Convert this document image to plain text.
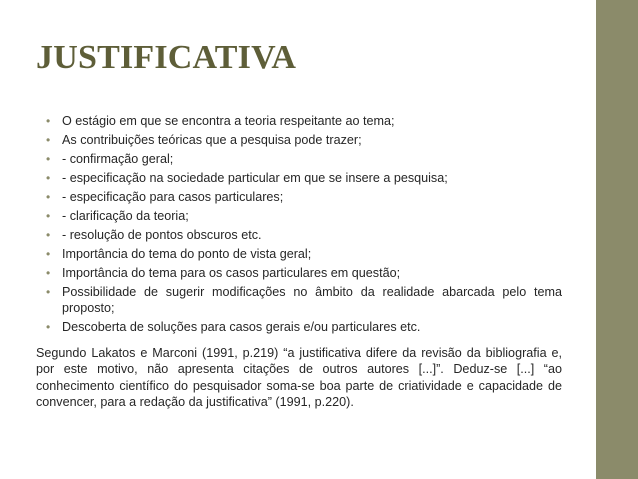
JUSTIFICATIVA
• O estágio em que se encontra a teoria respeitante ao tema;
• As contribuições teóricas que a pesquisa pode trazer;
• - confirmação geral;
• - especificação na sociedade particular em que se insere a pesquisa;
• - especificação para casos particulares;
• - clarificação da teoria;
• - resolução de pontos obscuros etc.
• Importância do tema do ponto de vista geral;
• Importância do tema para os casos particulares em questão;
• Possibilidade de sugerir modificações no âmbito da realidade abarcada pelo tema proposto;
• Descoberta de soluções para casos gerais e/ou particulares etc.

Segundo Lakatos e Marconi (1991, p.219) “a justificativa difere da revisão da bibliografia e, por este motivo, não apresenta citações de outros autores [...]”. Deduz-se [...] “ao conhecimento científico do pesquisador soma-se boa parte de criatividade e capacidade de convencer, para a redação da justificativa” (1991, p.220).
